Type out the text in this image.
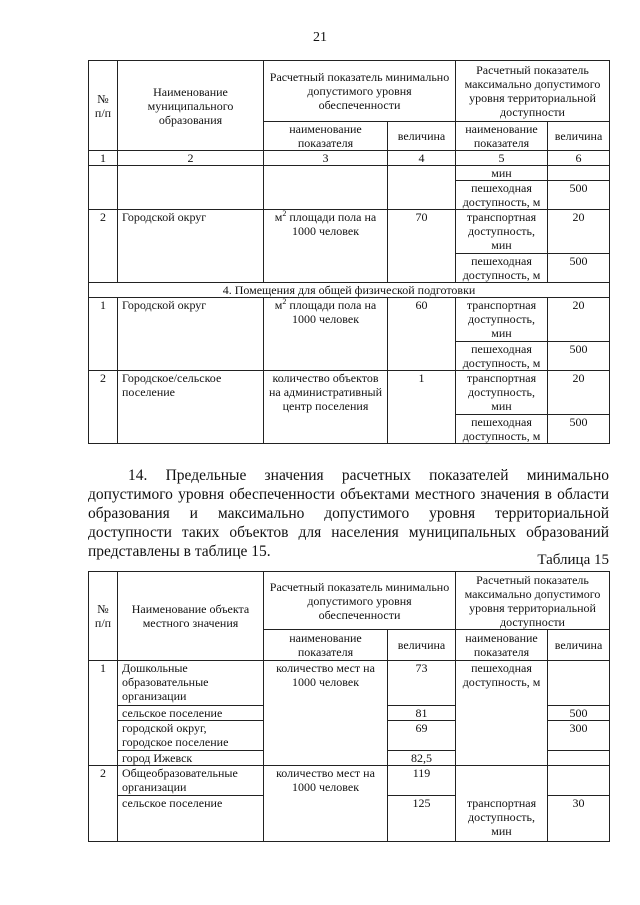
21
№ п/п	Наименование муниципального образования	Расчетный показатель минимально допустимого уровня обеспеченности		Расчетный показатель максимально допустимого уровня территориальной доступности	
		наименование показателя	величина	наименование показателя	величина
1	2	3	4	5	6
				мин	
				пешеходная доступность, м	500
2	Городской округ	$м^2$ площади пола на 1000 человек	70	транспортная доступность, мин	20
				пешеходная доступность, м	500
4. Помещения для общей физической подготовки					
1	Городской округ	$м^2$ площади пола на 1000 человек	60	транспортная доступность, мин	20
				пешеходная доступность, м	500
2	Городское/сельское поселение	количество объектов на административный центр поселения	1	транспортная доступность, мин	20
				пешеходная доступность, м	500

14. Предельные значения расчетных показателей минимально допустимого уровня обеспеченности объектами местного значения в области образования и максимально допустимого уровня территориальной доступности таких объектов для населения муниципальных образований представлены в таблице 15.	Таблица 15
№ п/п	Наименование объекта местного значения	Расчетный показатель минимально допустимого уровня обеспеченности		Расчетный показатель максимально допустимого уровня территориальной доступности	
		наименование показателя	величина	наименование показателя	величина
1	Дошкольные образовательные организации	количество мест на 1000 человек	73	пешеходная доступность, м	
	сельское поселение		81		500
	городской округ, городское поселение		69		300
	город Ижевск		82,5		
2	Общеобразовательные организации	количество мест на 1000 человек	119	транспортная доступность, мин	
	сельское поселение		125		30
